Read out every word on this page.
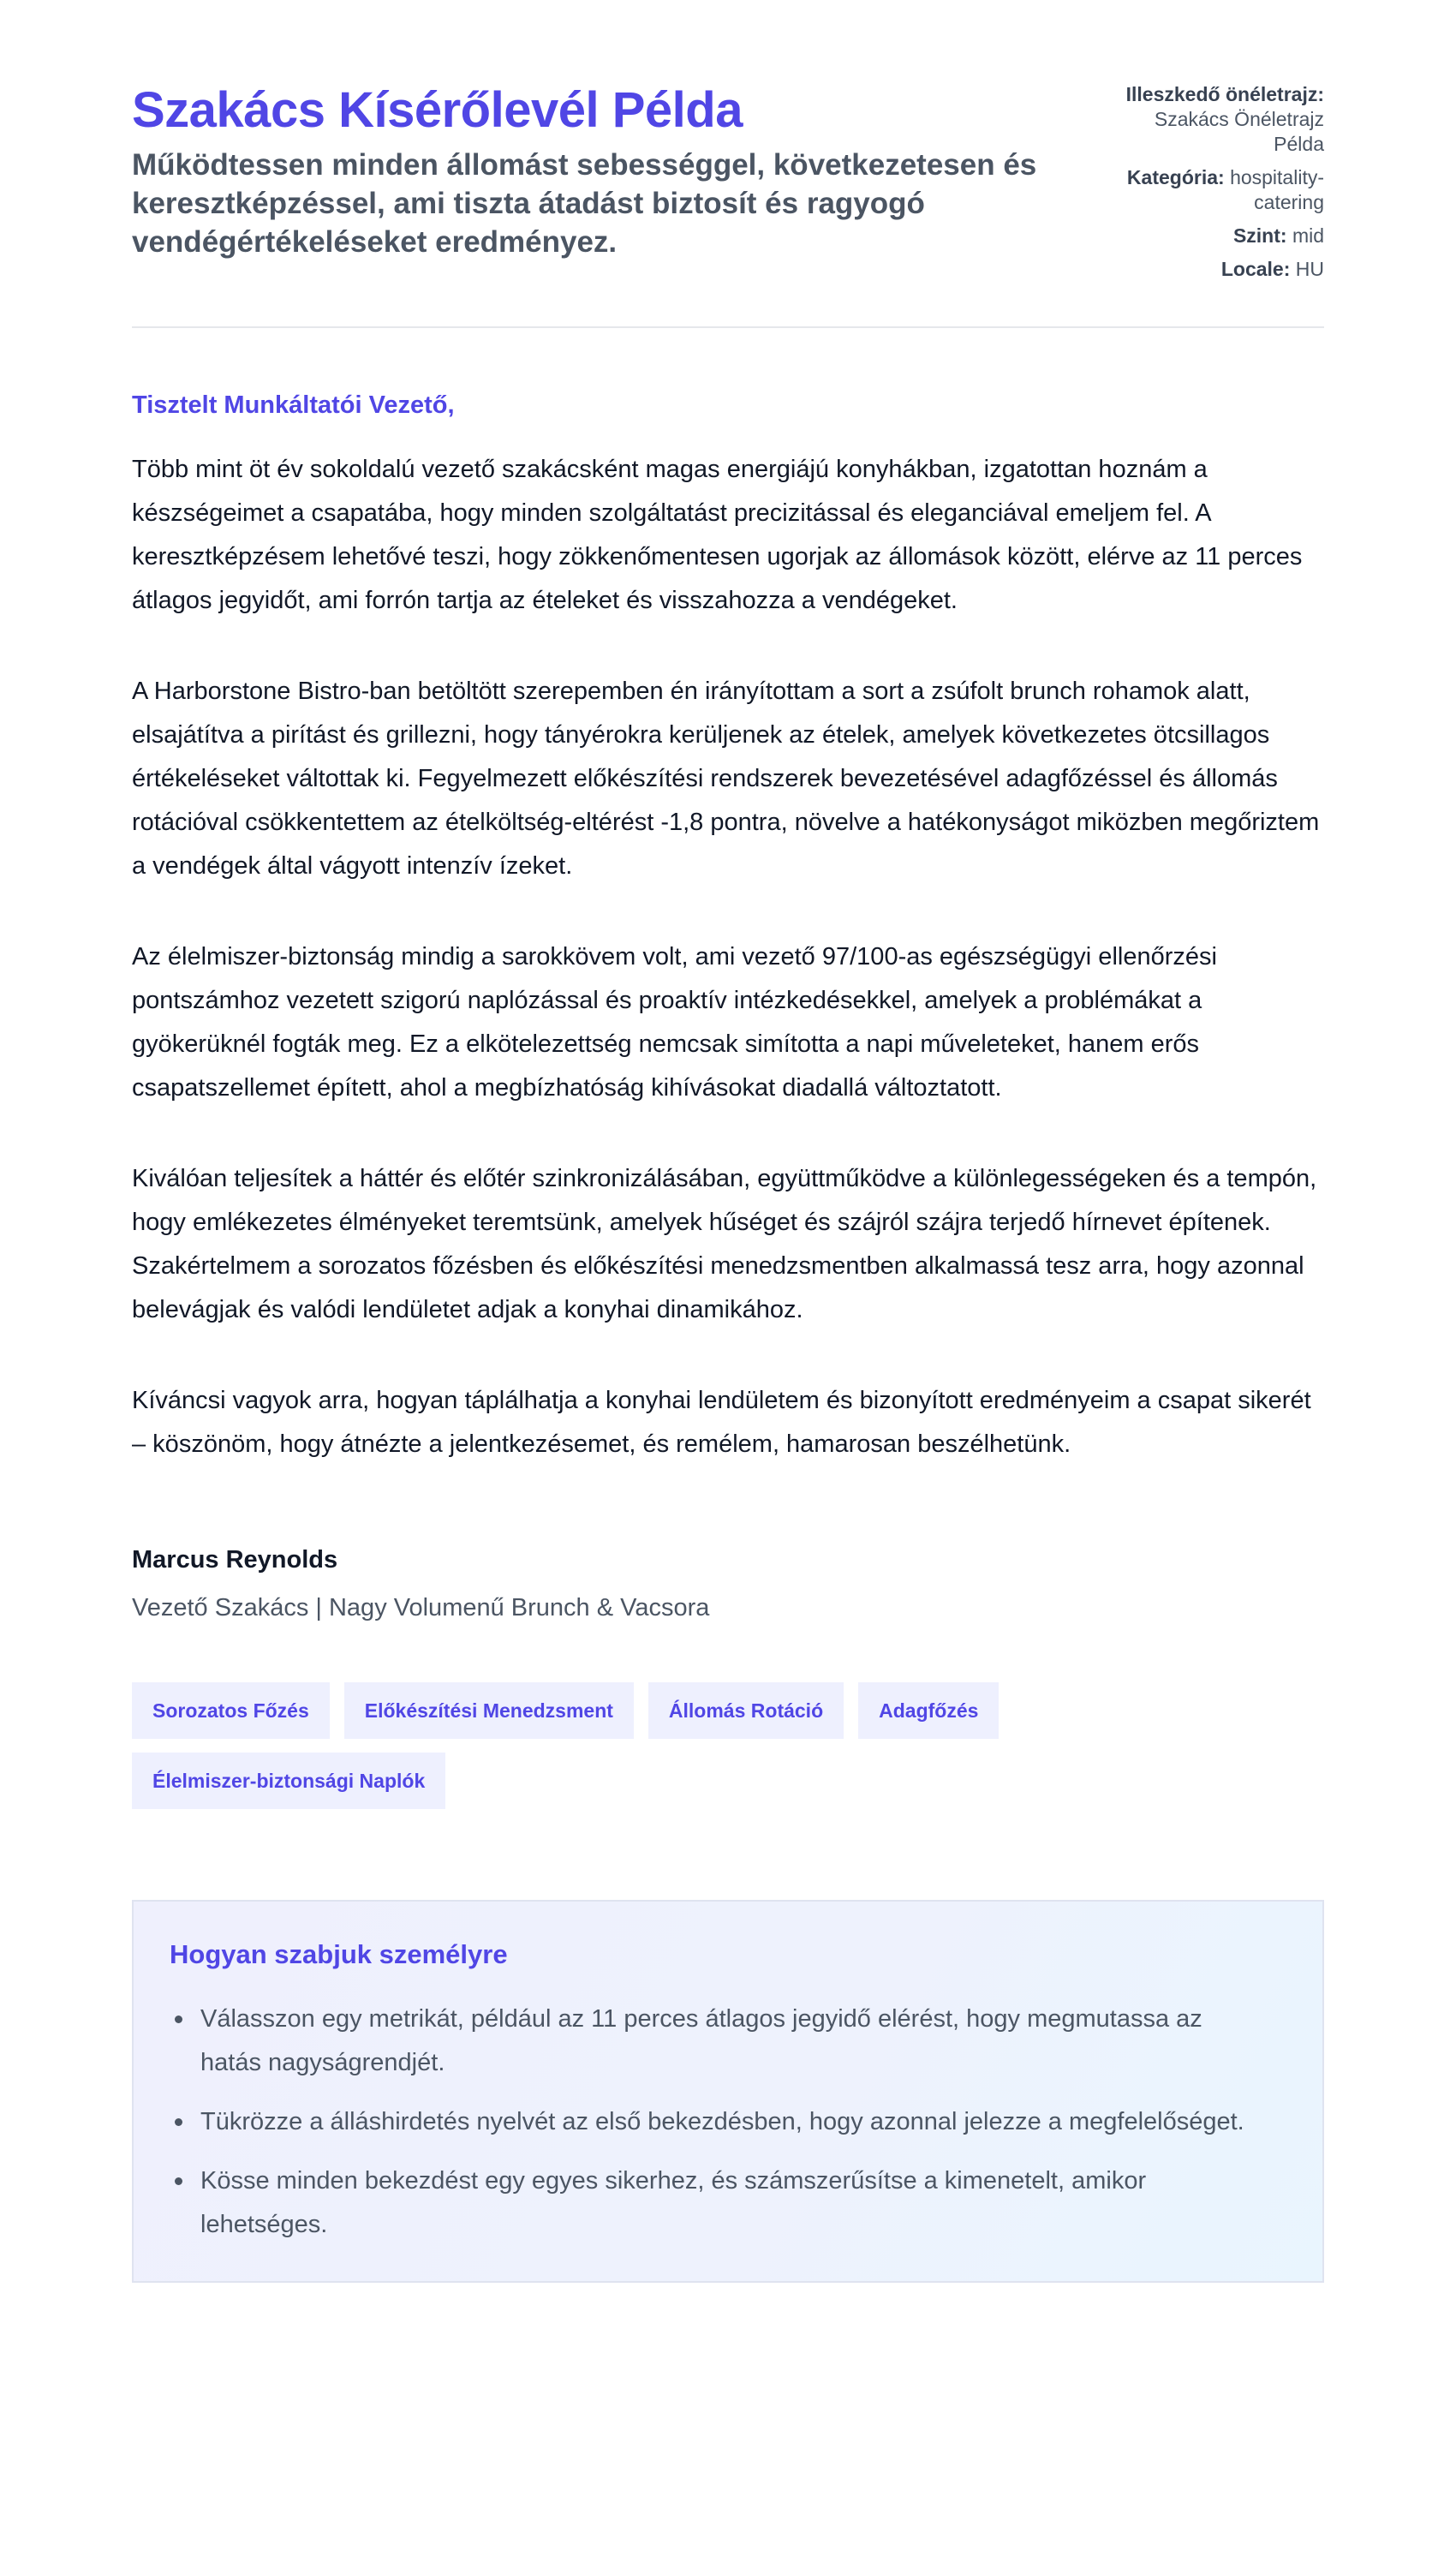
Szakács Kísérőlevél Példa

Működtessen minden állomást sebességgel, következetesen és keresztképzéssel, ami tiszta átadást biztosít és ragyogó vendégértékeléseket eredményez.

Illeszkedő önéletrajz: Szakács Önéletrajz Példa
Kategória: hospitality-catering
Szint: mid
Locale: HU

Tisztelt Munkáltatói Vezető,

Több mint öt év sokoldalú vezető szakácsként magas energiájú konyhákban, izgatottan hoznám a készségeimet a csapatába, hogy minden szolgáltatást precizitással és eleganciával emeljem fel. A keresztképzésem lehetővé teszi, hogy zökkenőmentesen ugorjak az állomások között, elérve az 11 perces átlagos jegyidőt, ami forrón tartja az ételeket és visszahozza a vendégeket.

A Harborstone Bistro-ban betöltött szerepemben én irányítottam a sort a zsúfolt brunch rohamok alatt, elsajátítva a pirítást és grillezni, hogy tányérokra kerüljenek az ételek, amelyek következetes ötcsillagos értékeléseket váltottak ki. Fegyelmezett előkészítési rendszerek bevezetésével adagfőzéssel és állomás rotációval csökkentettem az ételköltség-eltérést -1,8 pontra, növelve a hatékonyságot miközben megőriztem a vendégek által vágyott intenzív ízeket.

Az élelmiszer-biztonság mindig a sarokkövem volt, ami vezető 97/100-as egészségügyi ellenőrzési pontszámhoz vezetett szigorú naplózással és proaktív intézkedésekkel, amelyek a problémákat a gyökerüknél fogták meg. Ez a elkötelezettség nemcsak simította a napi műveleteket, hanem erős csapatszellemet épített, ahol a megbízhatóság kihívásokat diadallá változtatott.

Kiválóan teljesítek a háttér és előtér szinkronizálásában, együttműködve a különlegességeken és a tempón, hogy emlékezetes élményeket teremtsünk, amelyek hűséget és szájról szájra terjedő hírnevet építenek. Szakértelmem a sorozatos főzésben és előkészítési menedzsmentben alkalmassá tesz arra, hogy azonnal belevágjak és valódi lendületet adjak a konyhai dinamikához.

Kíváncsi vagyok arra, hogyan táplálhatja a konyhai lendületem és bizonyított eredményeim a csapat sikerét – köszönöm, hogy átnézte a jelentkezésemet, és remélem, hamarosan beszélhetünk.

Marcus Reynolds
Vezető Szakács | Nagy Volumenű Brunch & Vacsora
Sorozatos Főzés	Előkészítési Menedzsment	Állomás Rotáció	Adagfőzés
Élelmiszer-biztonsági Naplók
Hogyan szabjuk személyre
Válasszon egy metrikát, például az 11 perces átlagos jegyidő elérést, hogy megmutassa az hatás nagyságrendjét.
Tükrözze a álláshirdetés nyelvét az első bekezdésben, hogy azonnal jelezze a megfelelőséget.
Kösse minden bekezdést egy egyes sikerhez, és számszerűsítse a kimenetelt, amikor lehetséges.
